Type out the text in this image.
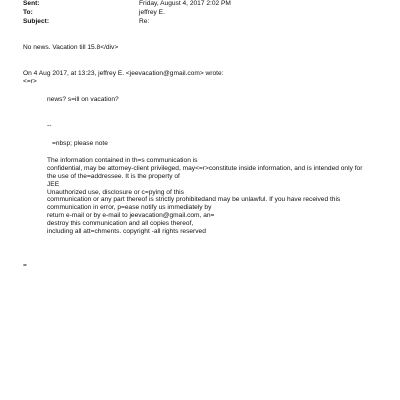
Sent:	Friday, August 4, 2017 2:02 PM
To:	jeffrey E.
Subject:	Re:
No news. Vacation till 15.8</div>
On 4 Aug 2017, at 13:23, jeffrey E. <jeevacation@gmail.com> wrote:
<=r>
news? s=ill on vacation?
--
=nbsp; please note
The information contained in th=s communication is
confidential, may be attorney-client privileged, may<=r>constitute inside information, and is intended only for
the use of the=addressee. It is the property of
JEE
Unauthorized use, disclosure or c=pying of this
communication or any part thereof is strictly prohibitedand may be unlawful. If you have received this
communication in error, p=ease notify us immediately by
return e-mail or by e-mail to jeevacation@gmail.com, an=
destroy this communication and all copies thereof,
including all att=chments. copyright -all rights reserved
=
